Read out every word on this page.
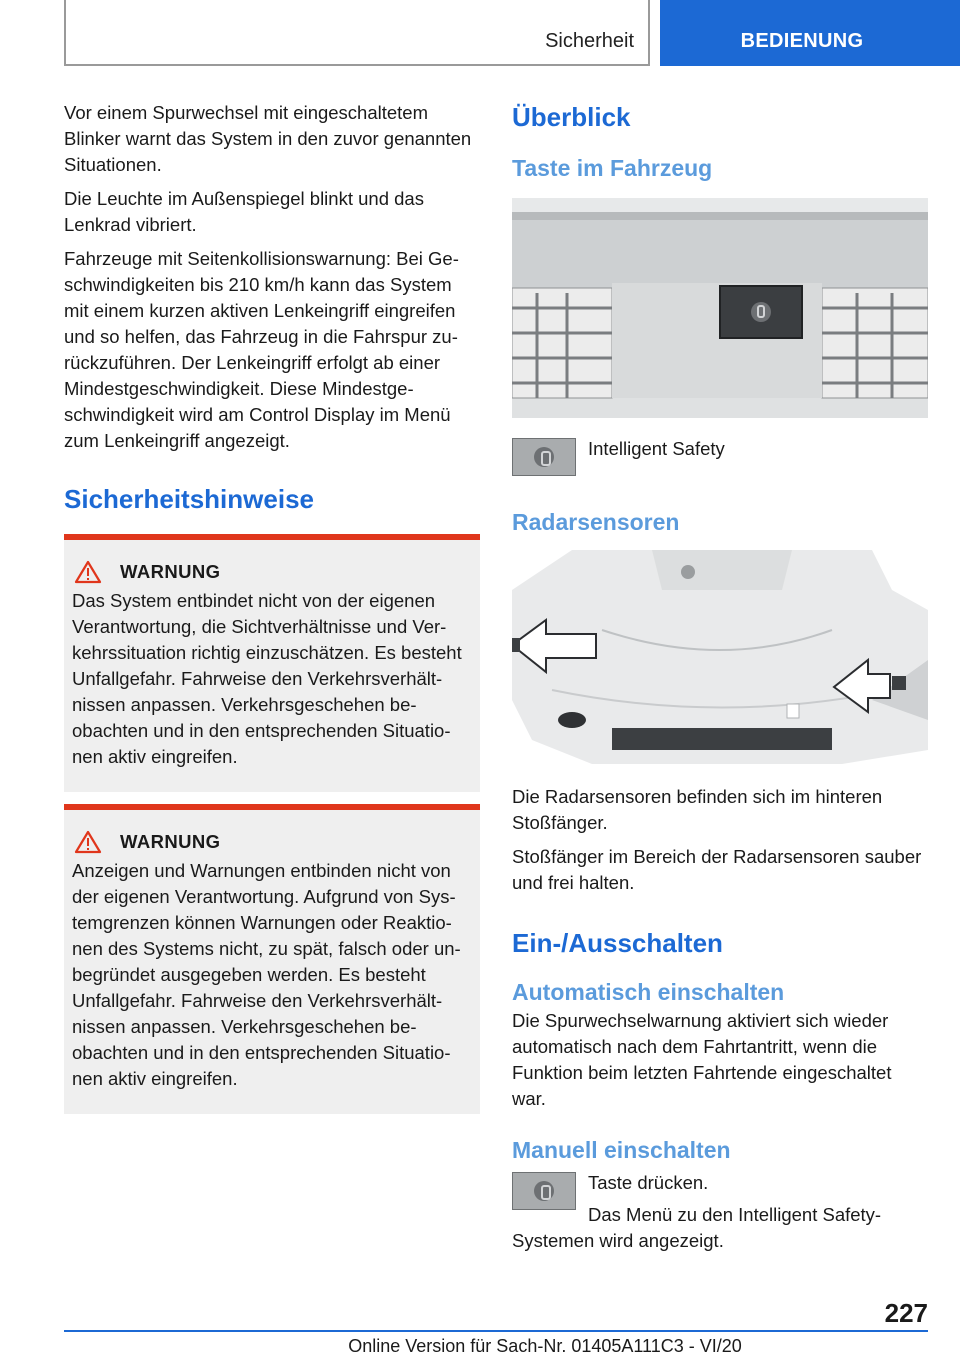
Sicherheit	BEDIENUNG

Vor einem Spurwechsel mit eingeschaltetem Blinker warnt das System in den zuvor genannten Situationen.

Die Leuchte im Außenspiegel blinkt und das Lenkrad vibriert.

Fahrzeuge mit Seitenkollisionswarnung: Bei Geschwindigkeiten bis 210 km/h kann das System mit einem kurzen aktiven Lenkeingriff eingreifen und so helfen, das Fahrzeug in die Fahrspur zurückzuführen. Der Lenkeingriff erfolgt ab einer Mindestgeschwindigkeit. Diese Mindestgeschwindigkeit wird am Control Display im Menü zum Lenkeingriff angezeigt.

Sicherheitshinweise
WARNUNG

Das System entbindet nicht von der eigenen Verantwortung, die Sichtverhältnisse und Verkehrssituation richtig einzuschätzen. Es besteht Unfallgefahr. Fahrweise den Verkehrsverhältnissen anpassen. Verkehrsgeschehen beobachten und in den entsprechenden Situationen aktiv eingreifen.

WARNUNG

Anzeigen und Warnungen entbinden nicht von der eigenen Verantwortung. Aufgrund von Systemgrenzen können Warnungen oder Reaktionen des Systems nicht, zu spät, falsch oder unbegründet ausgegeben werden. Es besteht Unfallgefahr. Fahrweise den Verkehrsverhältnissen anpassen. Verkehrsgeschehen beobachten und in den entsprechenden Situationen aktiv eingreifen.

Überblick
Taste im Fahrzeug
Intelligent Safety
Radarsensoren

Die Radarsensoren befinden sich im hinteren Stoßfänger.

Stoßfänger im Bereich der Radarsensoren sauber und frei halten.

Ein-/Ausschalten
Automatisch einschalten

Die Spurwechselwarnung aktiviert sich wieder automatisch nach dem Fahrtantritt, wenn die Funktion beim letzten Fahrtende eingeschaltet war.

Manuell einschalten

Taste drücken.

Das Menü zu den Intelligent Safety-Systemen wird angezeigt.

227
Online Version für Sach-Nr. 01405A111C3 - VI/20
